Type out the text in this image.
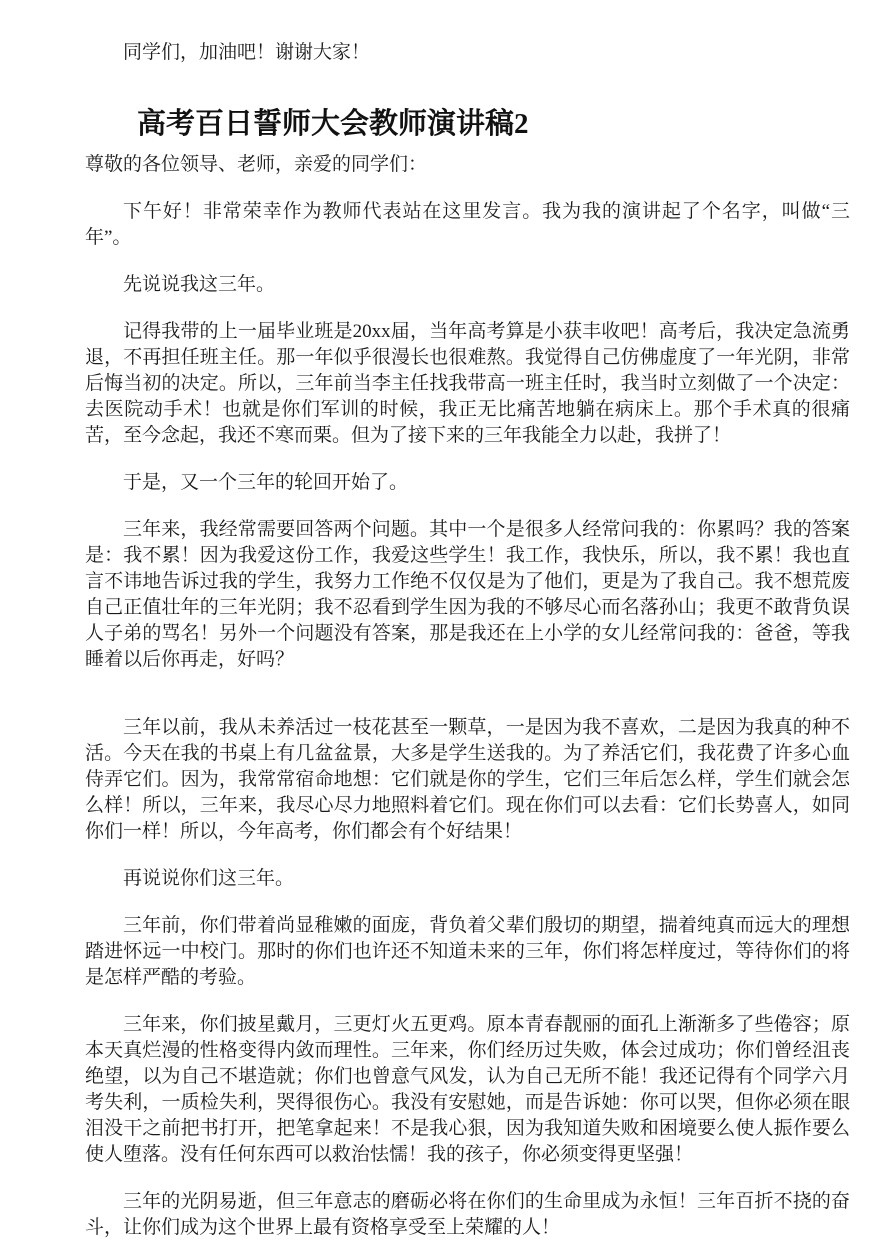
同学们，加油吧！谢谢大家！

高考百日誓师大会教师演讲稿2

尊敬的各位领导、老师，亲爱的同学们：

下午好！非常荣幸作为教师代表站在这里发言。我为我的演讲起了个名字，叫做“三年”。

先说说我这三年。

记得我带的上一届毕业班是20xx届，当年高考算是小获丰收吧！高考后，我决定急流勇退，不再担任班主任。那一年似乎很漫长也很难熬。我觉得自己仿佛虚度了一年光阴，非常后悔当初的决定。所以，三年前当李主任找我带高一班主任时，我当时立刻做了一个决定：去医院动手术！也就是你们军训的时候，我正无比痛苦地躺在病床上。那个手术真的很痛苦，至今念起，我还不寒而栗。但为了接下来的三年我能全力以赴，我拼了！

于是，又一个三年的轮回开始了。

三年来，我经常需要回答两个问题。其中一个是很多人经常问我的：你累吗？我的答案是：我不累！因为我爱这份工作，我爱这些学生！我工作，我快乐，所以，我不累！我也直言不讳地告诉过我的学生，我努力工作绝不仅仅是为了他们，更是为了我自己。我不想荒废自己正值壮年的三年光阴；我不忍看到学生因为我的不够尽心而名落孙山；我更不敢背负误人子弟的骂名！另外一个问题没有答案，那是我还在上小学的女儿经常问我的：爸爸，等我睡着以后你再走，好吗？

三年以前，我从未养活过一枝花甚至一颗草，一是因为我不喜欢，二是因为我真的种不活。今天在我的书桌上有几盆盆景，大多是学生送我的。为了养活它们，我花费了许多心血侍弄它们。因为，我常常宿命地想：它们就是你的学生，它们三年后怎么样，学生们就会怎么样！所以，三年来，我尽心尽力地照料着它们。现在你们可以去看：它们长势喜人，如同你们一样！所以，今年高考，你们都会有个好结果！

再说说你们这三年。

三年前，你们带着尚显稚嫩的面庞，背负着父辈们殷切的期望，揣着纯真而远大的理想踏进怀远一中校门。那时的你们也许还不知道未来的三年，你们将怎样度过，等待你们的将是怎样严酷的考验。

三年来，你们披星戴月，三更灯火五更鸡。原本青春靓丽的面孔上渐渐多了些倦容；原本天真烂漫的性格变得内敛而理性。三年来，你们经历过失败，体会过成功；你们曾经沮丧绝望，以为自己不堪造就；你们也曾意气风发，认为自己无所不能！我还记得有个同学六月考失利，一质检失利，哭得很伤心。我没有安慰她，而是告诉她：你可以哭，但你必须在眼泪没干之前把书打开，把笔拿起来！不是我心狠，因为我知道失败和困境要么使人振作要么使人堕落。没有任何东西可以救治怯懦！我的孩子，你必须变得更坚强！

三年的光阴易逝，但三年意志的磨砺必将在你们的生命里成为永恒！三年百折不挠的奋斗，让你们成为这个世界上最有资格享受至上荣耀的人！
